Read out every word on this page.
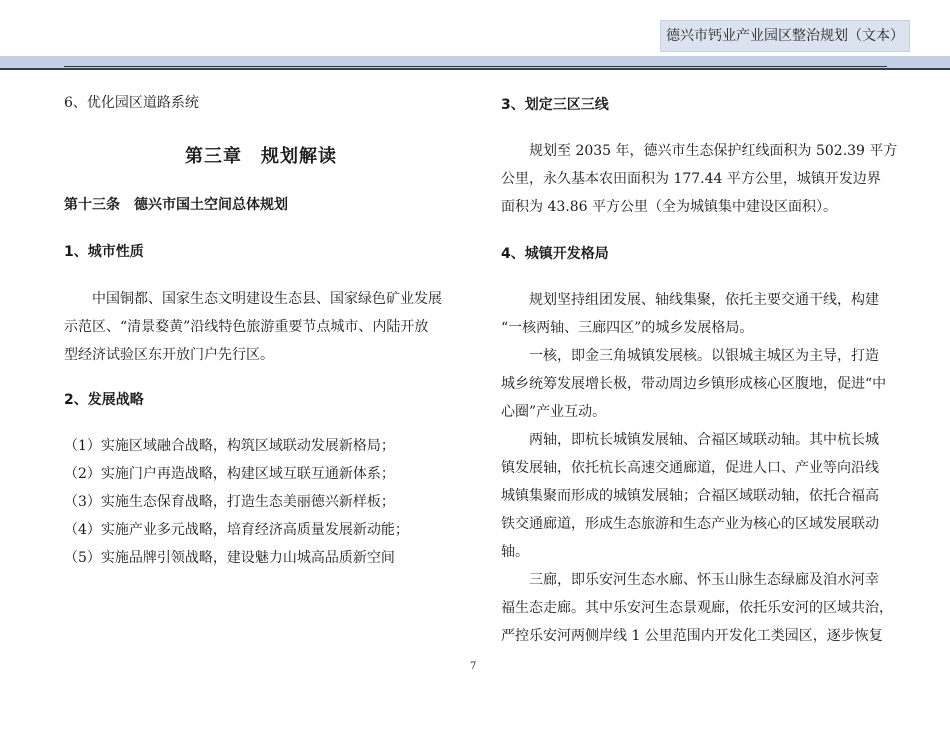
德兴市钙业产业园区整治规划（文本）
6、优化园区道路系统
第三章　规划解读
第十三条　德兴市国土空间总体规划
1、城市性质
中国铜都、国家生态文明建设生态县、国家绿色矿业发展
示范区、“清景婺黄”沿线特色旅游重要节点城市、内陆开放
型经济试验区东开放门户先行区。
2、发展战略
（1）实施区域融合战略，构筑区域联动发展新格局；
（2）实施门户再造战略，构建区域互联互通新体系；
（3）实施生态保育战略，打造生态美丽德兴新样板；
（4）实施产业多元战略，培育经济高质量发展新动能；
（5）实施品牌引领战略，建设魅力山城高品质新空间
3、划定三区三线
规划至 2035 年，德兴市生态保护红线面积为 502.39 平方
公里，永久基本农田面积为 177.44 平方公里，城镇开发边界
面积为 43.86 平方公里（全为城镇集中建设区面积）。
4、城镇开发格局
规划坚持组团发展、轴线集聚，依托主要交通干线，构建
“一核两轴、三廊四区”的城乡发展格局。
一核，即金三角城镇发展核。以银城主城区为主导，打造
城乡统筹发展增长极，带动周边乡镇形成核心区腹地，促进“中
心圈”产业互动。
两轴，即杭长城镇发展轴、合福区域联动轴。其中杭长城
镇发展轴，依托杭长高速交通廊道，促进人口、产业等向沿线
城镇集聚而形成的城镇发展轴；合福区域联动轴，依托合福高
铁交通廊道，形成生态旅游和生态产业为核心的区域发展联动
轴。
三廊，即乐安河生态水廊、怀玉山脉生态绿廊及洎水河幸
福生态走廊。其中乐安河生态景观廊，依托乐安河的区域共治，
严控乐安河两侧岸线 1 公里范围内开发化工类园区，逐步恢复
7
